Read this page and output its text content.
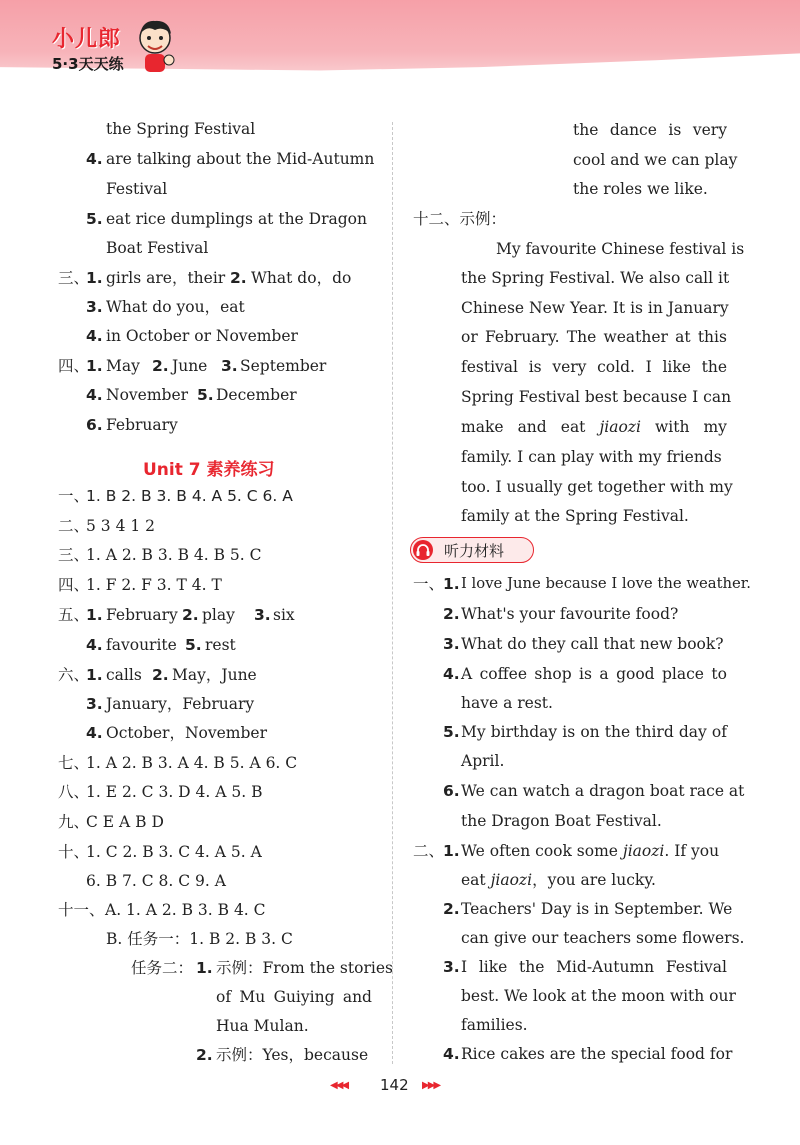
小儿郎
5·3天天练
the Spring Festival
4. are talking about the Mid-Autumn
Festival
5. eat rice dumplings at the Dragon
Boat Festival
三、
1. girls are，their 2. What do，do
3. What do you，eat
4. in October or November
四、
1. May 2. June 3. September
4. November 5. December
6. February
Unit 7 素养练习
一、
1. B 2. B 3. B 4. A 5. C 6. A
二、
5 3 4 1 2
三、
1. A 2. B 3. B 4. B 5. C
四、
1. F 2. F 3. T 4. T
五、
1. February 2. play 3. six
4. favourite 5. rest
六、
1. calls 2. May，June
3. January，February
4. October，November
七、
1. A 2. B 3. A 4. B 5. A 6. C
八、
1. E 2. C 3. D 4. A 5. B
九、
C E A B D
十、
1. C 2. B 3. C 4. A 5. A
6. B 7. C 8. C 9. A
十一、 A. 1. A 2. B 3. B 4. C
B. 任务一：1. B 2. B 3. C
任务二： 1. 示例：From the stories
of Mu Guiying and
Hua Mulan.
2. 示例：Yes，because
the dance is very
cool and we can play
the roles we like.
十二、示例：
My favourite Chinese festival is
the Spring Festival. We also call it
Chinese New Year. It is in January
or February. The weather at this
festival is very cold. I like the
Spring Festival best because I can
make and eat jiaozi with my
family. I can play with my friends
too. I usually get together with my
family at the Spring Festival.
听力材料
一、
1. I love June because I love the weather.
2. What's your favourite food?
3. What do they call that new book?
4. A coffee shop is a good place to
have a rest.
5. My birthday is on the third day of
April.
6. We can watch a dragon boat race at
the Dragon Boat Festival.
二、
1. We often cook some jiaozi. If you
eat jiaozi，you are lucky.
2. Teachers' Day is in September. We
can give our teachers some flowers.
3. I like the Mid-Autumn Festival
best. We look at the moon with our
families.
4. Rice cakes are the special food for
◀◀◀ 142 ▶▶▶
